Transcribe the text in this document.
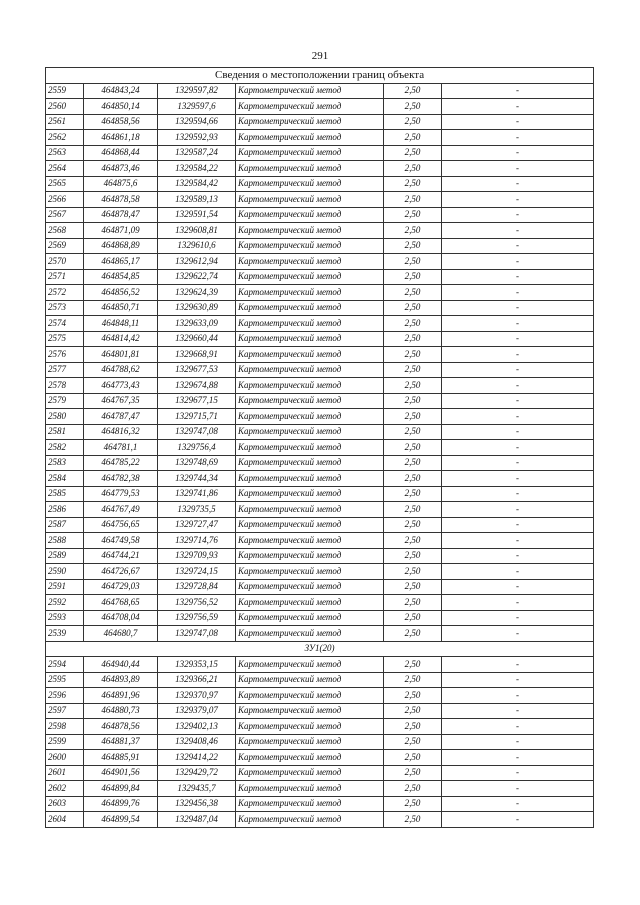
291
Сведения о местоположении границ объекта					
2559	464843,24	1329597,82	Картометрический метод	2,50	-
2560	464850,14	1329597,6	Картометрический метод	2,50	-
2561	464858,56	1329594,66	Картометрический метод	2,50	-
2562	464861,18	1329592,93	Картометрический метод	2,50	-
2563	464868,44	1329587,24	Картометрический метод	2,50	-
2564	464873,46	1329584,22	Картометрический метод	2,50	-
2565	464875,6	1329584,42	Картометрический метод	2,50	-
2566	464878,58	1329589,13	Картометрический метод	2,50	-
2567	464878,47	1329591,54	Картометрический метод	2,50	-
2568	464871,09	1329608,81	Картометрический метод	2,50	-
2569	464868,89	1329610,6	Картометрический метод	2,50	-
2570	464865,17	1329612,94	Картометрический метод	2,50	-
2571	464854,85	1329622,74	Картометрический метод	2,50	-
2572	464856,52	1329624,39	Картометрический метод	2,50	-
2573	464850,71	1329630,89	Картометрический метод	2,50	-
2574	464848,11	1329633,09	Картометрический метод	2,50	-
2575	464814,42	1329660,44	Картометрический метод	2,50	-
2576	464801,81	1329668,91	Картометрический метод	2,50	-
2577	464788,62	1329677,53	Картометрический метод	2,50	-
2578	464773,43	1329674,88	Картометрический метод	2,50	-
2579	464767,35	1329677,15	Картометрический метод	2,50	-
2580	464787,47	1329715,71	Картометрический метод	2,50	-
2581	464816,32	1329747,08	Картометрический метод	2,50	-
2582	464781,1	1329756,4	Картометрический метод	2,50	-
2583	464785,22	1329748,69	Картометрический метод	2,50	-
2584	464782,38	1329744,34	Картометрический метод	2,50	-
2585	464779,53	1329741,86	Картометрический метод	2,50	-
2586	464767,49	1329735,5	Картометрический метод	2,50	-
2587	464756,65	1329727,47	Картометрический метод	2,50	-
2588	464749,58	1329714,76	Картометрический метод	2,50	-
2589	464744,21	1329709,93	Картометрический метод	2,50	-
2590	464726,67	1329724,15	Картометрический метод	2,50	-
2591	464729,03	1329728,84	Картометрический метод	2,50	-
2592	464768,65	1329756,52	Картометрический метод	2,50	-
2593	464708,04	1329756,59	Картометрический метод	2,50	-
2539	464680,7	1329747,08	Картометрический метод	2,50	-
ЗУ1(20)					
2594	464940,44	1329353,15	Картометрический метод	2,50	-
2595	464893,89	1329366,21	Картометрический метод	2,50	-
2596	464891,96	1329370,97	Картометрический метод	2,50	-
2597	464880,73	1329379,07	Картометрический метод	2,50	-
2598	464878,56	1329402,13	Картометрический метод	2,50	-
2599	464881,37	1329408,46	Картометрический метод	2,50	-
2600	464885,91	1329414,22	Картометрический метод	2,50	-
2601	464901,56	1329429,72	Картометрический метод	2,50	-
2602	464899,84	1329435,7	Картометрический метод	2,50	-
2603	464899,76	1329456,38	Картометрический метод	2,50	-
2604	464899,54	1329487,04	Картометрический метод	2,50	-
